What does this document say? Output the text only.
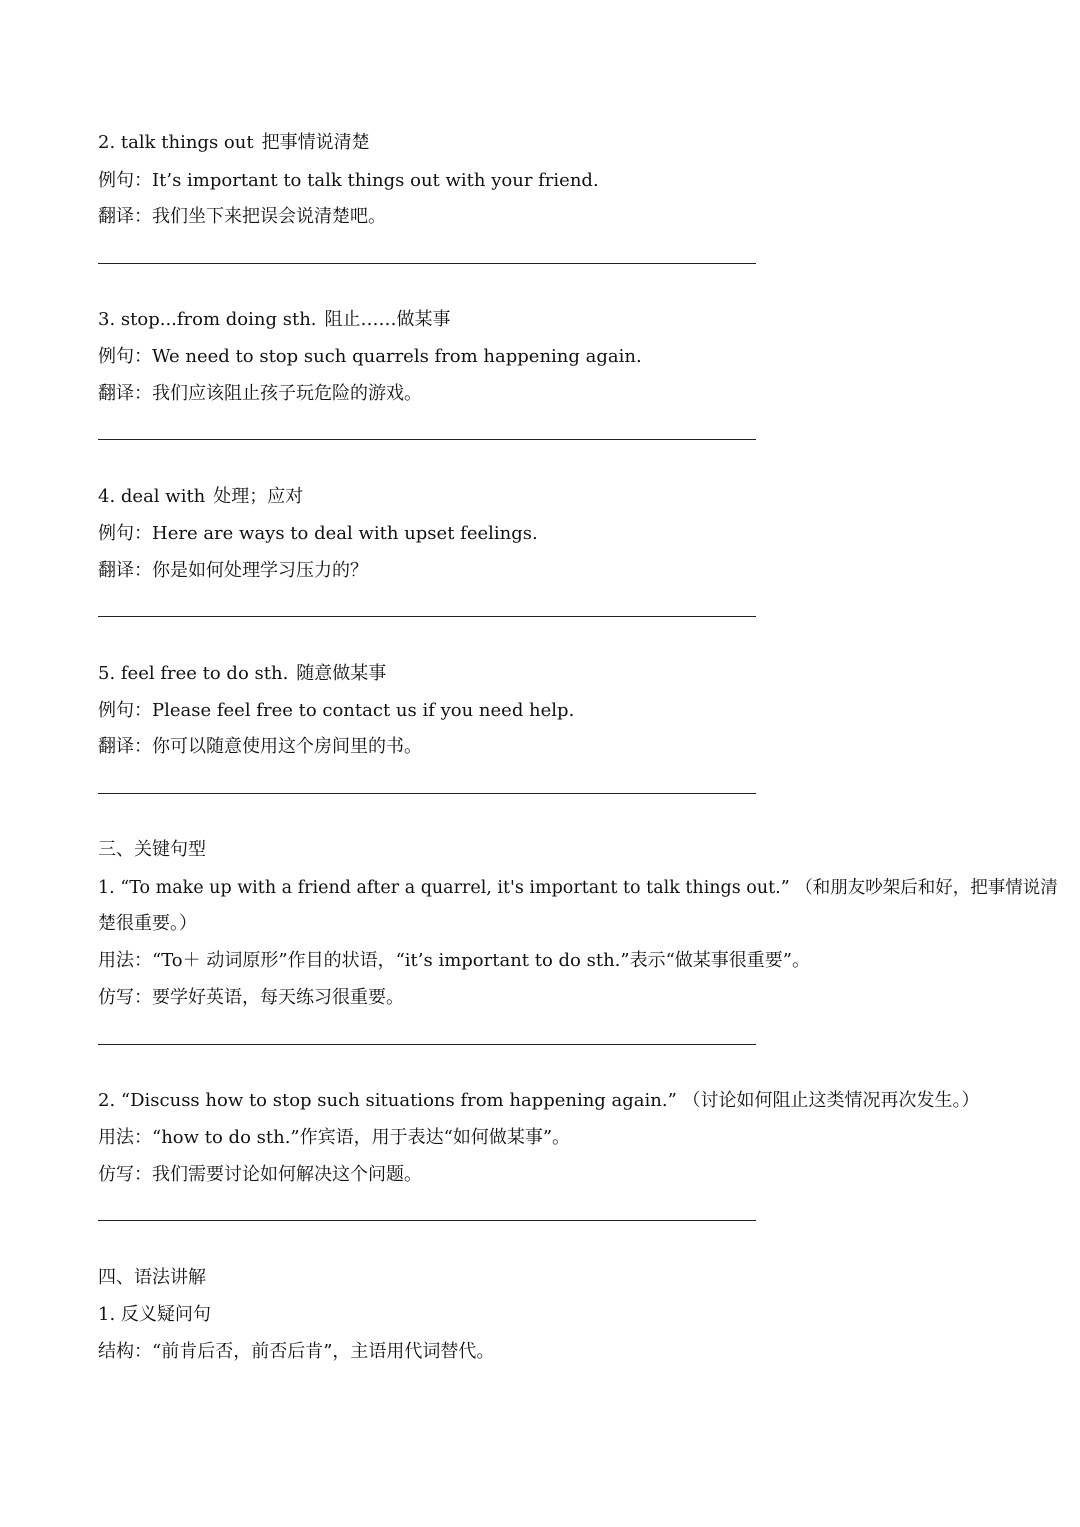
2. talk things out 把事情说清楚
例句：It’s important to talk things out with your friend.
翻译：我们坐下来把误会说清楚吧。
3. stop...from doing sth. 阻止……做某事
例句：We need to stop such quarrels from happening again.
翻译：我们应该阻止孩子玩危险的游戏。
4. deal with 处理；应对
例句：Here are ways to deal with upset feelings.
翻译：你是如何处理学习压力的？
5. feel free to do sth. 随意做某事
例句：Please feel free to contact us if you need help.
翻译：你可以随意使用这个房间里的书。
三、关键句型
1. “To make up with a friend after a quarrel, it's important to talk things out.” （和朋友吵架后和好，把事情说清
楚很重要。）
用法：“To＋ 动词原形”作目的状语，“it’s important to do sth.”表示“做某事很重要”。
仿写：要学好英语，每天练习很重要。
2. “Discuss how to stop such situations from happening again.” （讨论如何阻止这类情况再次发生。）
用法：“how to do sth.”作宾语，用于表达“如何做某事”。
仿写：我们需要讨论如何解决这个问题。
四、语法讲解
1. 反义疑问句
结构：“前肯后否，前否后肯”，主语用代词替代。
